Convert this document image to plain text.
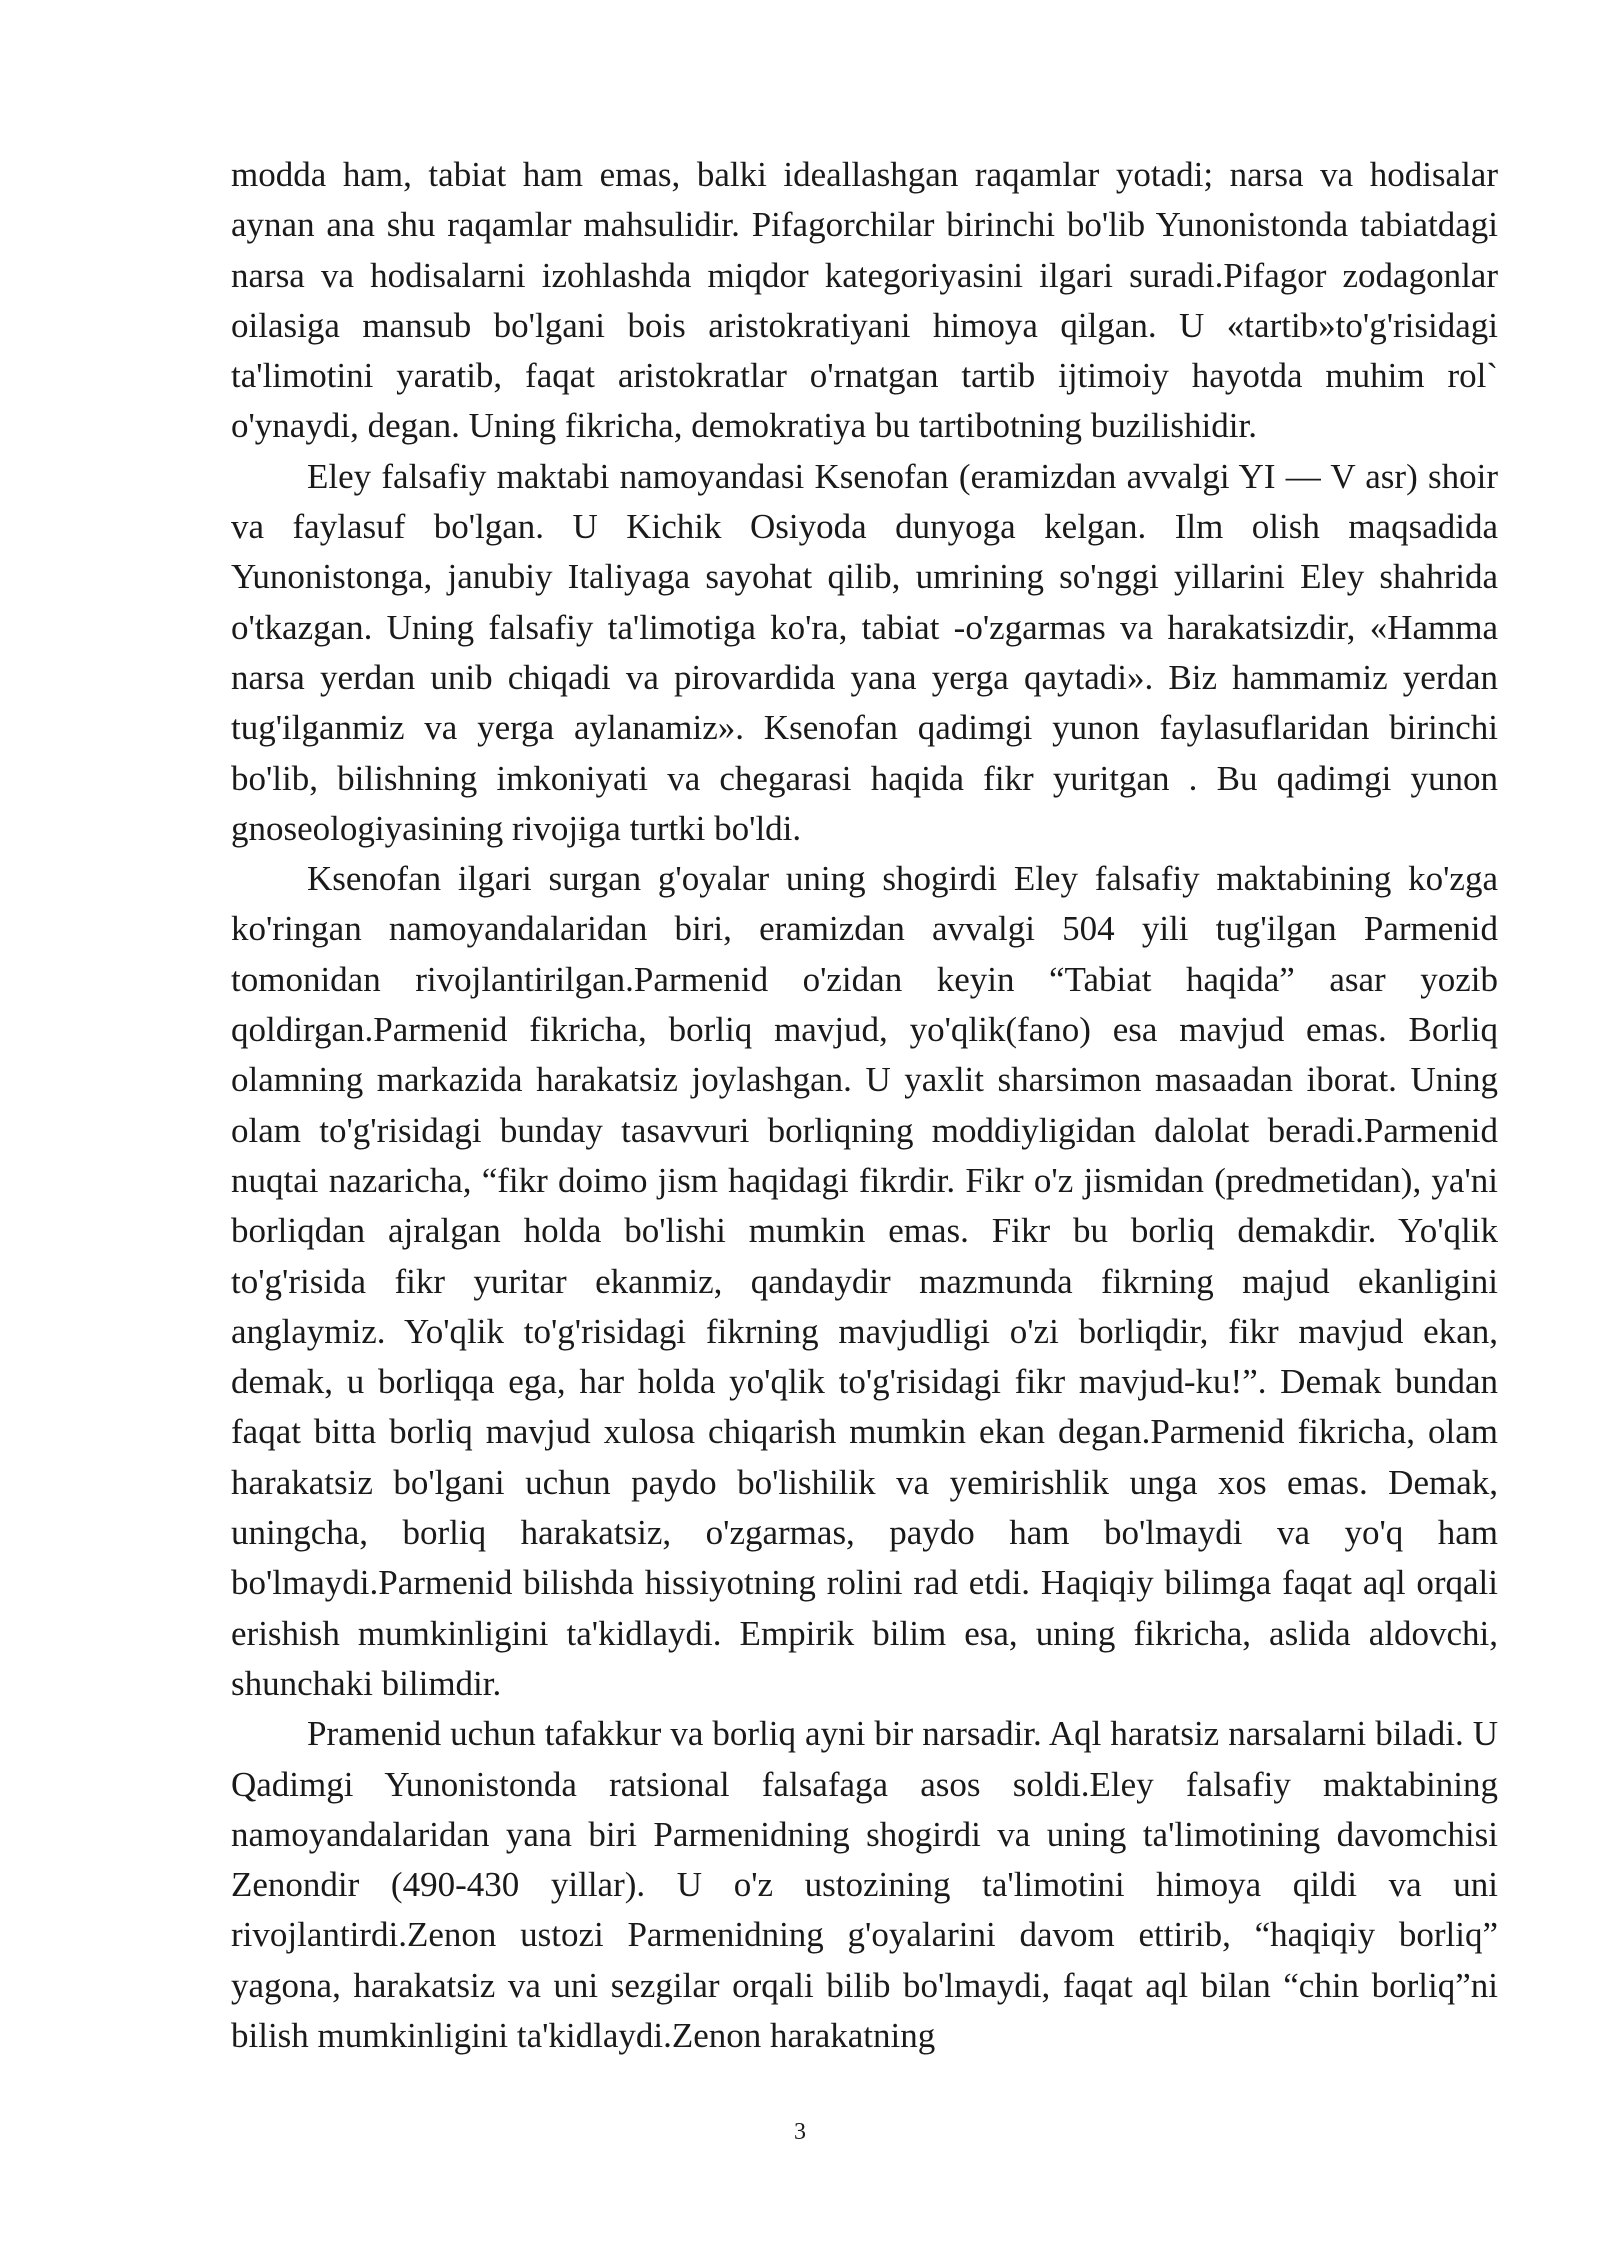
modda ham, tabiat ham emas, balki ideallashgan raqamlar yotadi; narsa va hodisalar aynan ana shu raqamlar mahsulidir. Pifagorchilar birinchi bo'lib Yunonistonda tabiatdagi narsa va hodisalarni izohlashda miqdor kategoriyasini ilgari suradi.Pifagor zodagonlar oilasiga mansub bo'lgani bois aristokratiyani himoya qilgan. U «tartib»to'g'risidagi ta'limotini yaratib, faqat aristokratlar o'rnatgan tartib ijtimoiy hayotda muhim rol` o'ynaydi, degan. Uning fikricha, demokratiya bu tartibotning buzilishidir.

Eley falsafiy maktabi namoyandasi Ksenofan (eramizdan avvalgi YI — V asr) shoir va faylasuf bo'lgan. U Kichik Osiyoda dunyoga kelgan. Ilm olish maqsadida Yunonistonga, janubiy Italiyaga sayohat qilib, umrining so'nggi yillarini Eley shahrida o'tkazgan. Uning falsafiy ta'limotiga ko'ra, tabiat -o'zgarmas va harakatsizdir, «Hamma narsa yerdan unib chiqadi va pirovardida yana yerga qaytadi». Biz hammamiz yerdan tug'ilganmiz va yerga aylanamiz». Ksenofan qadimgi yunon faylasuflaridan birinchi bo'lib, bilishning imkoniyati va chegarasi haqida fikr yuritgan . Bu qadimgi yunon gnoseologiyasining rivojiga turtki bo'ldi.

Ksenofan ilgari surgan g'oyalar uning shogirdi Eley falsafiy maktabining ko'zga ko'ringan namoyandalaridan biri, eramizdan avvalgi 504 yili tug'ilgan Parmenid tomonidan rivojlantirilgan.Parmenid o'zidan keyin “Tabiat haqida” asar yozib qoldirgan.Parmenid fikricha, borliq mavjud, yo'qlik(fano) esa mavjud emas. Borliq olamning markazida harakatsiz joylashgan. U yaxlit sharsimon masaadan iborat. Uning olam to'g'risidagi bunday tasavvuri borliqning moddiyligidan dalolat beradi.Parmenid nuqtai nazaricha, “fikr doimo jism haqidagi fikrdir. Fikr o'z jismidan (predmetidan), ya'ni borliqdan ajralgan holda bo'lishi mumkin emas. Fikr bu borliq demakdir. Yo'qlik to'g'risida fikr yuritar ekanmiz, qandaydir mazmunda fikrning majud ekanligini anglaymiz. Yo'qlik to'g'risidagi fikrning mavjudligi o'zi borliqdir, fikr mavjud ekan, demak, u borliqqa ega, har holda yo'qlik to'g'risidagi fikr mavjud-ku!”. Demak bundan faqat bitta borliq mavjud xulosa chiqarish mumkin ekan degan.Parmenid fikricha, olam harakatsiz bo'lgani uchun paydo bo'lishilik va yemirishlik unga xos emas. Demak, uningcha, borliq harakatsiz, o'zgarmas, paydo ham bo'lmaydi va yo'q ham bo'lmaydi.Parmenid bilishda hissiyotning rolini rad etdi. Haqiqiy bilimga faqat aql orqali erishish mumkinligini ta'kidlaydi. Empirik bilim esa, uning fikricha, aslida aldovchi, shunchaki bilimdir.

Pramenid uchun tafakkur va borliq ayni bir narsadir. Aql haratsiz narsalarni biladi. U Qadimgi Yunonistonda ratsional falsafaga asos soldi.Eley falsafiy maktabining namoyandalaridan yana biri Parmenidning shogirdi va uning ta'limotining davomchisi Zenondir (490-430 yillar). U o'z ustozining ta'limotini himoya qildi va uni rivojlantirdi.Zenon ustozi Parmenidning g'oyalarini davom ettirib, “haqiqiy borliq” yagona, harakatsiz va uni sezgilar orqali bilib bo'lmaydi, faqat aql bilan “chin borliq”ni bilish mumkinligini ta'kidlaydi.Zenon harakatning

3
